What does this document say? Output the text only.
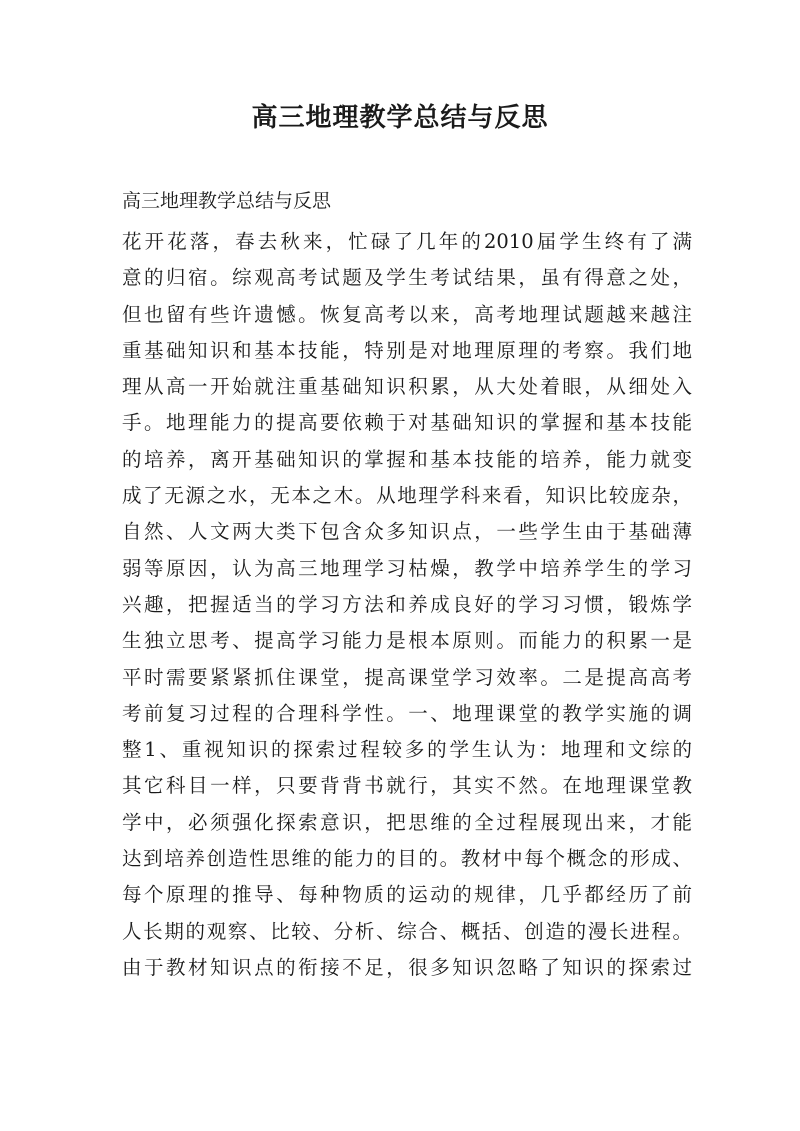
高三地理教学总结与反思

高三地理教学总结与反思

花开花落，春去秋来，忙碌了几年的2010届学生终有了满
意的归宿。综观高考试题及学生考试结果，虽有得意之处，
但也留有些许遗憾。恢复高考以来，高考地理试题越来越注
重基础知识和基本技能，特别是对地理原理的考察。我们地
理从高一开始就注重基础知识积累，从大处着眼，从细处入
手。地理能力的提高要依赖于对基础知识的掌握和基本技能
的培养，离开基础知识的掌握和基本技能的培养，能力就变
成了无源之水，无本之木。从地理学科来看，知识比较庞杂，
自然、人文两大类下包含众多知识点，一些学生由于基础薄
弱等原因，认为高三地理学习枯燥，教学中培养学生的学习
兴趣，把握适当的学习方法和养成良好的学习习惯，锻炼学
生独立思考、提高学习能力是根本原则。而能力的积累一是
平时需要紧紧抓住课堂，提高课堂学习效率。二是提高高考
考前复习过程的合理科学性。一、地理课堂的教学实施的调
整1、重视知识的探索过程较多的学生认为：地理和文综的
其它科目一样，只要背背书就行，其实不然。在地理课堂教
学中，必须强化探索意识，把思维的全过程展现出来，才能
达到培养创造性思维的能力的目的。教材中每个概念的形成、
每个原理的推导、每种物质的运动的规律，几乎都经历了前
人长期的观察、比较、分析、综合、概括、创造的漫长进程。
由于教材知识点的衔接不足，很多知识忽略了知识的探索过
